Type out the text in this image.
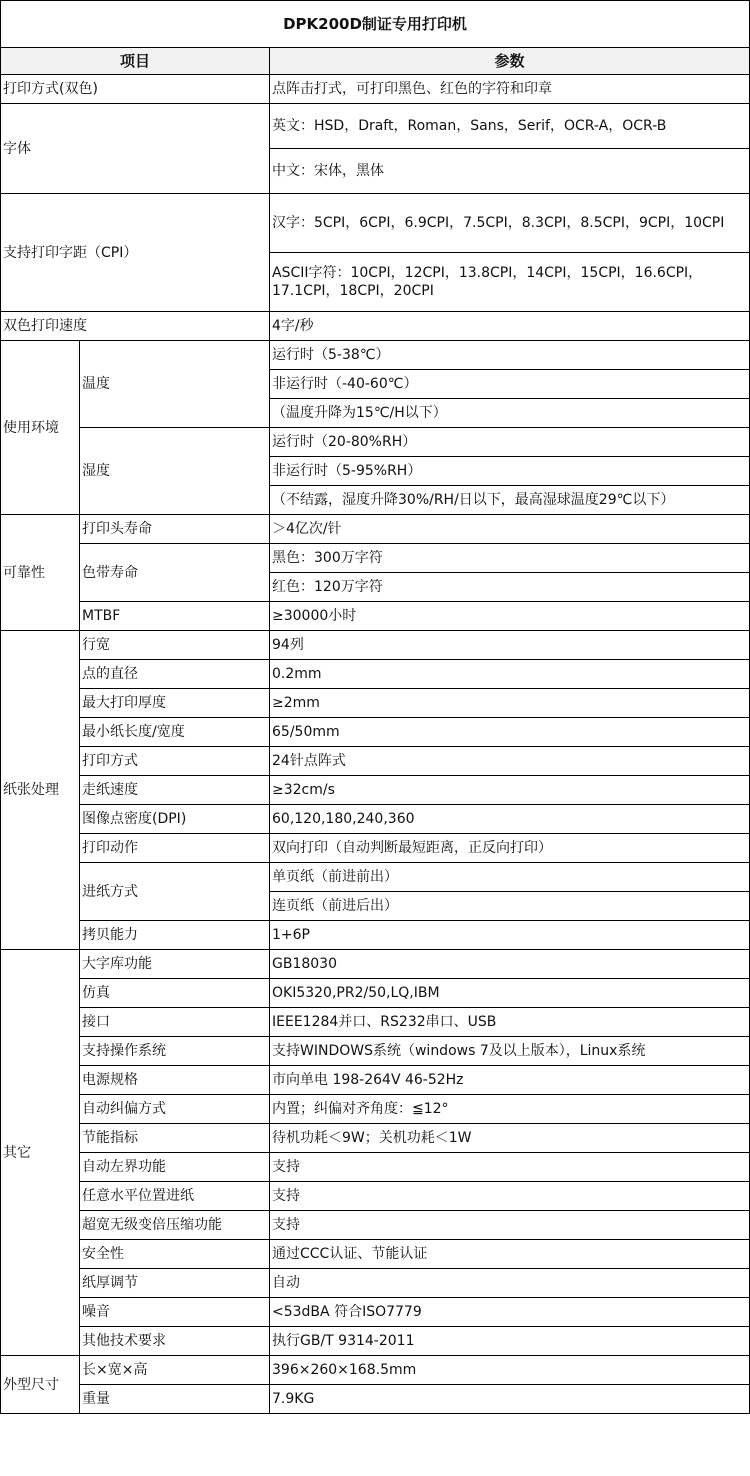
DPK200D制证专用打印机		
项目		参数
打印方式(双色)		点阵击打式，可打印黑色、红色的字符和印章
字体		英文：HSD，Draft，Roman，Sans，Serif，OCR-A，OCR-B
		中文：宋体，黑体
支持打印字距（CPI）		汉字：5CPI，6CPI，6.9CPI，7.5CPI，8.3CPI，8.5CPI，9CPI，10CPI
		ASCII字符：10CPI，12CPI，13.8CPI，14CPI，15CPI，16.6CPI，17.1CPI，18CPI，20CPI
双色打印速度		4字/秒
使用环境	温度	运行时（5-38℃）
		非运行时（-40-60℃）
		（温度升降为15℃/H以下）
	湿度	运行时（20-80%RH）
		非运行时（5-95%RH）
		（不结露，湿度升降30%/RH/日以下，最高湿球温度29℃以下）
可靠性	打印头寿命	＞4亿次/针
	色带寿命	黑色：300万字符
		红色：120万字符
	MTBF	≥30000小时
纸张处理	行宽	94列
	点的直径	0.2mm
	最大打印厚度	≥2mm
	最小纸长度/宽度	65/50mm
	打印方式	24针点阵式
	走纸速度	≥32cm/s
	图像点密度(DPI)	60,120,180,240,360
	打印动作	双向打印（自动判断最短距离，正反向打印）
	进纸方式	单页纸（前进前出）
		连页纸（前进后出）
	拷贝能力	1+6P
其它	大字库功能	GB18030
	仿真	OKI5320,PR2/50,LQ,IBM
	接口	IEEE1284并口、RS232串口、USB
	支持操作系统	支持WINDOWS系统（windows 7及以上版本），Linux系统
	电源规格	市向单电 198-264V 46-52Hz
	自动纠偏方式	内置；纠偏对齐角度：≦12°
	节能指标	待机功耗＜9W；关机功耗＜1W
	自动左界功能	支持
	任意水平位置进纸	支持
	超宽无级变倍压缩功能	支持
	安全性	通过CCC认证、节能认证
	纸厚调节	自动
	噪音	<53dBA 符合ISO7779
	其他技术要求	执行GB/T 9314-2011
外型尺寸	长×宽×高	396×260×168.5mm
	重量	7.9KG
